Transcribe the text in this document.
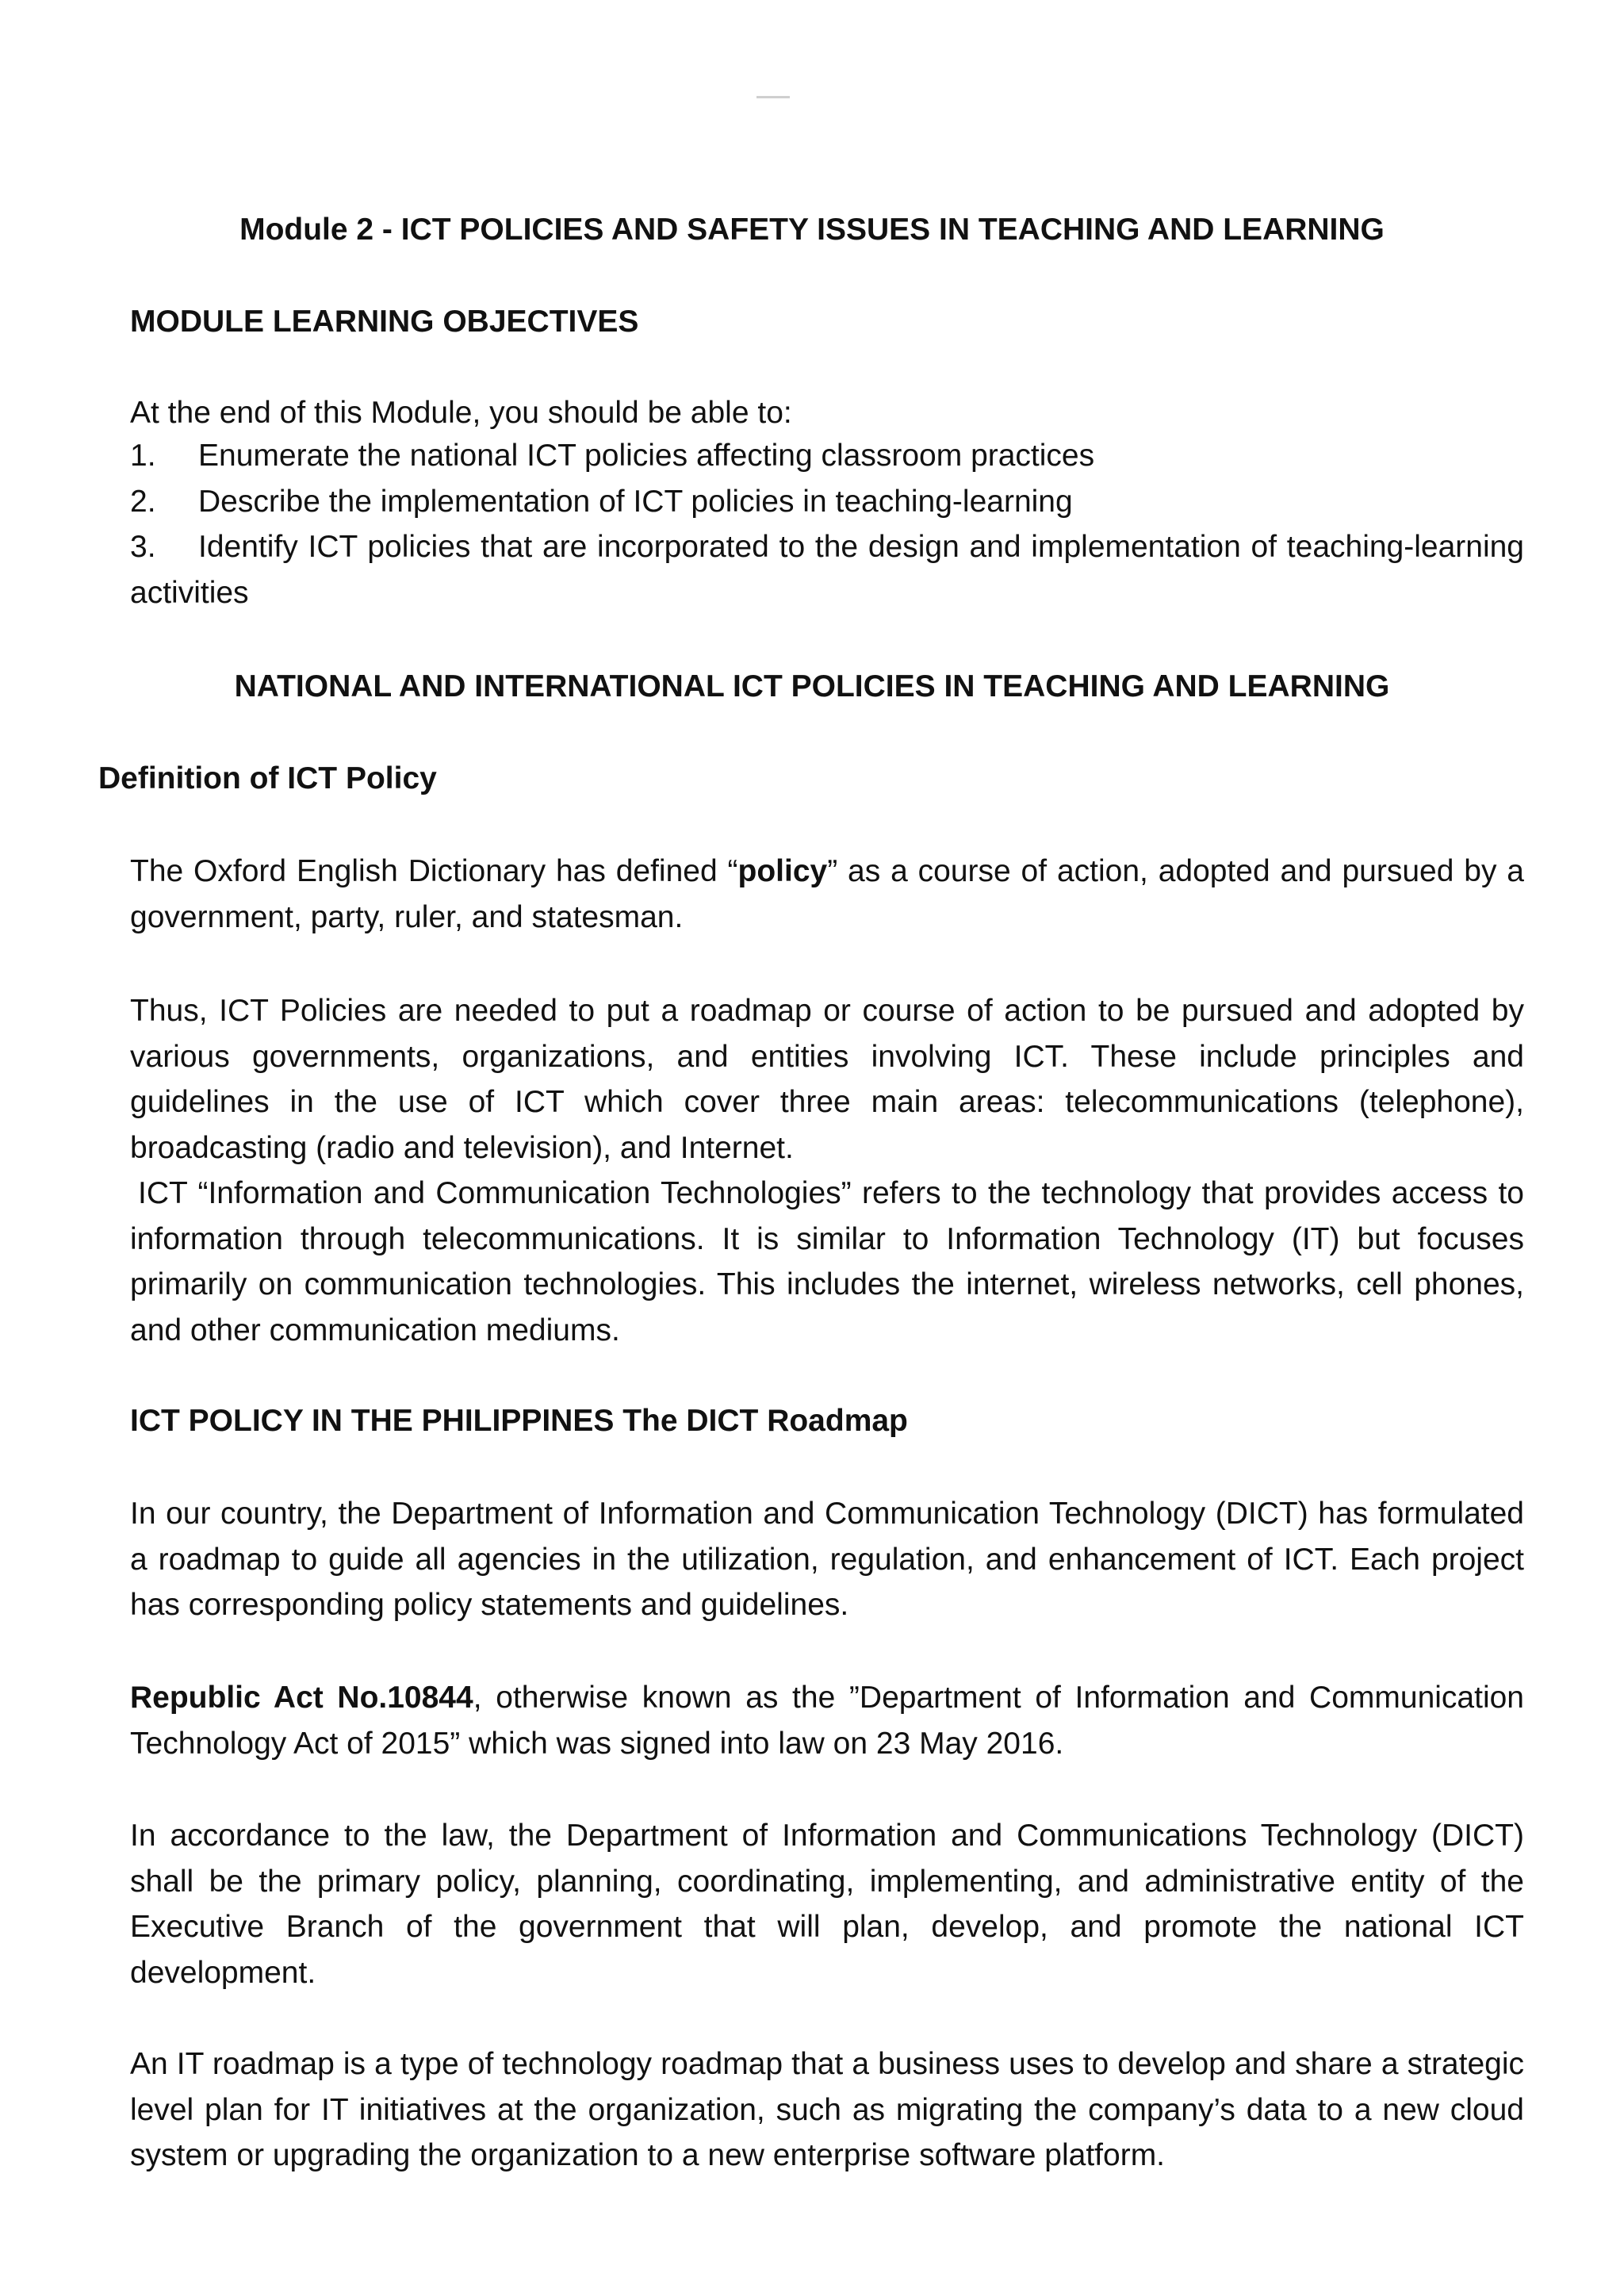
Module 2 - ICT POLICIES AND SAFETY ISSUES IN TEACHING AND LEARNING
MODULE LEARNING OBJECTIVES

At the end of this Module, you should be able to:

1. Enumerate the national ICT policies affecting classroom practices
2. Describe the implementation of ICT policies in teaching-learning
3. Identify ICT policies that are incorporated to the design and implementation of teaching-learning activities
NATIONAL AND INTERNATIONAL ICT POLICIES IN TEACHING AND LEARNING
Definition of ICT Policy

The Oxford English Dictionary has defined “policy” as a course of action, adopted and pursued by a government, party, ruler, and statesman.

Thus, ICT Policies are needed to put a roadmap or course of action to be pursued and adopted by various governments, organizations, and entities involving ICT. These include principles and guidelines in the use of ICT which cover three main areas: telecommunications (telephone), broadcasting (radio and television), and Internet.

ICT “Information and Communication Technologies” refers to the technology that provides access to information through telecommunications. It is similar to Information Technology (IT) but focuses primarily on communication technologies. This includes the internet, wireless networks, cell phones, and other communication mediums.

ICT POLICY IN THE PHILIPPINES The DICT Roadmap

In our country, the Department of Information and Communication Technology (DICT) has formulated a roadmap to guide all agencies in the utilization, regulation, and enhancement of ICT. Each project has corresponding policy statements and guidelines.

Republic Act No.10844, otherwise known as the ”Department of Information and Communication Technology Act of 2015” which was signed into law on 23 May 2016.

In accordance to the law, the Department of Information and Communications Technology (DICT) shall be the primary policy, planning, coordinating, implementing, and administrative entity of the Executive Branch of the government that will plan, develop, and promote the national ICT development.

An IT roadmap is a type of technology roadmap that a business uses to develop and share a strategic level plan for IT initiatives at the organization, such as migrating the company’s data to a new cloud system or upgrading the organization to a new enterprise software platform.
